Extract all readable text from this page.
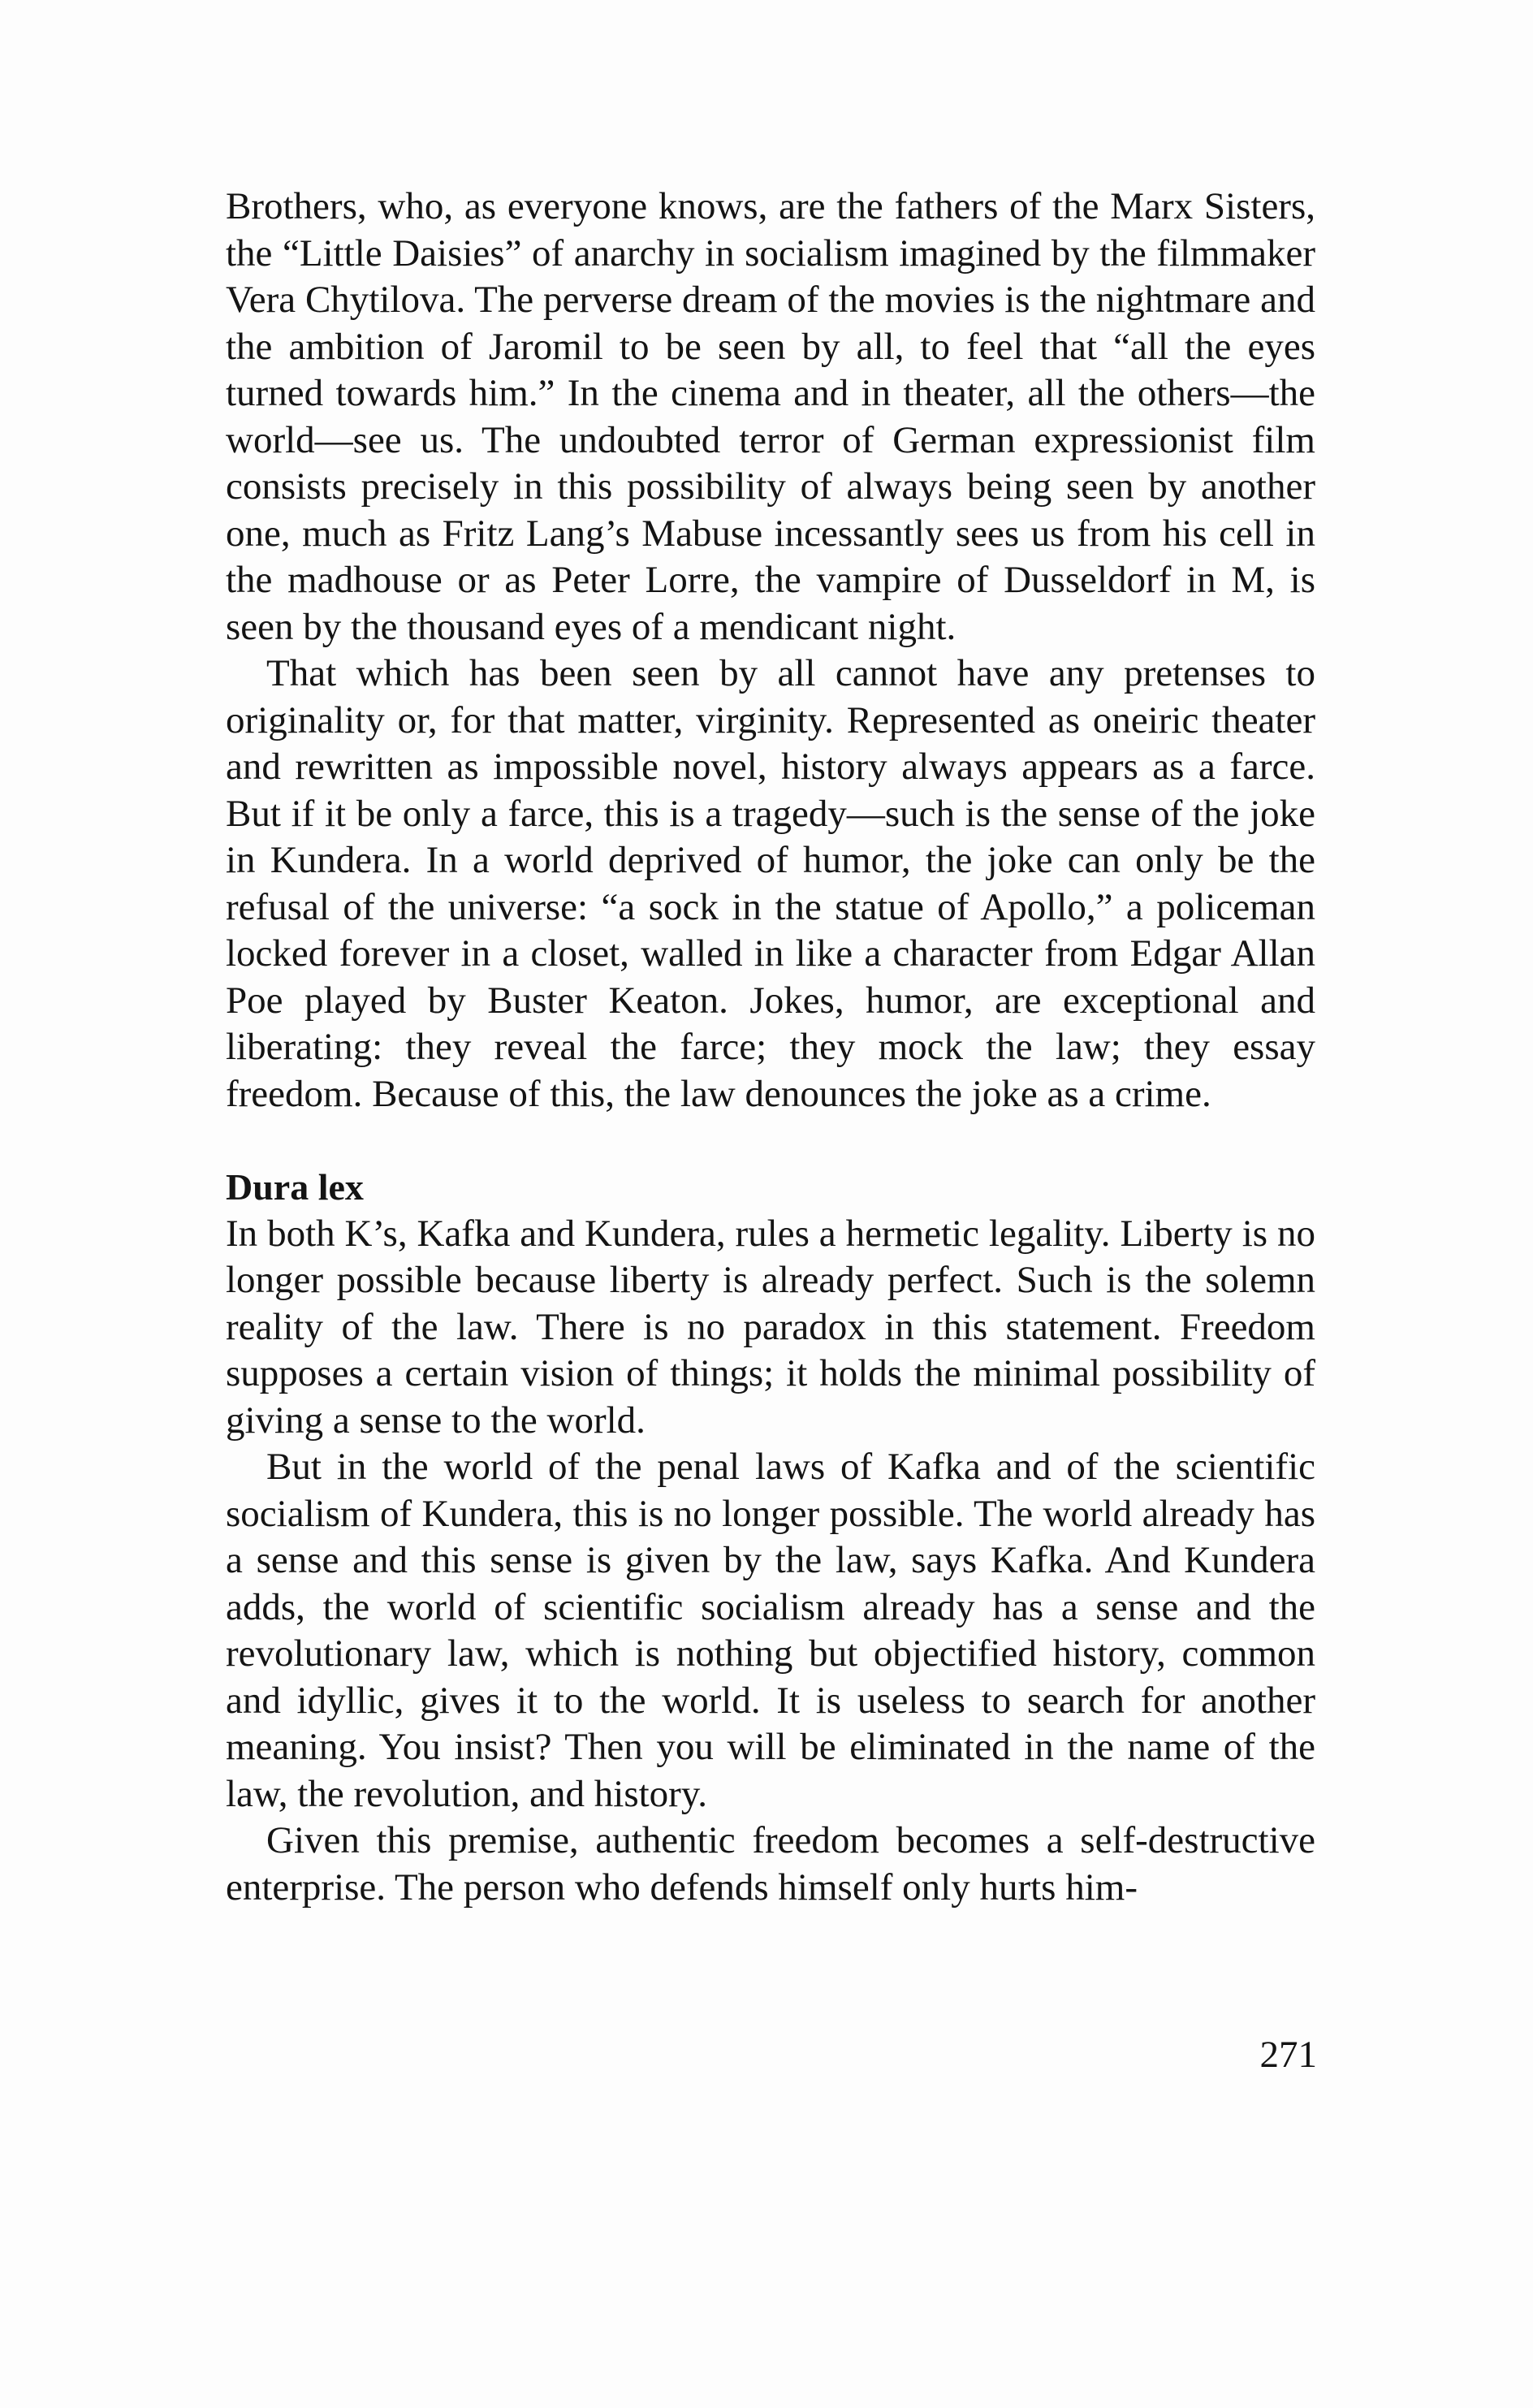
Brothers, who, as everyone knows, are the fathers of the Marx Sisters, the “Little Daisies” of anarchy in socialism imagined by the filmmaker Vera Chytilova. The perverse dream of the movies is the nightmare and the ambition of Jaromil to be seen by all, to feel that “all the eyes turned towards him.” In the cinema and in theater, all the others—the world—see us. The undoubted terror of German expressionist film consists precisely in this possibility of always being seen by another one, much as Fritz Lang’s Mabuse incessantly sees us from his cell in the madhouse or as Peter Lorre, the vampire of Dusseldorf in M, is seen by the thousand eyes of a mendicant night.

That which has been seen by all cannot have any pretenses to originality or, for that matter, virginity. Represented as oneiric theater and rewritten as impossible novel, history always appears as a farce. But if it be only a farce, this is a tragedy—such is the sense of the joke in Kundera. In a world deprived of humor, the joke can only be the refusal of the universe: “a sock in the statue of Apollo,” a policeman locked forever in a closet, walled in like a character from Edgar Allan Poe played by Buster Keaton. Jokes, humor, are exceptional and liberating: they reveal the farce; they mock the law; they essay freedom. Because of this, the law denounces the joke as a crime.

Dura lex

In both K’s, Kafka and Kundera, rules a hermetic legality. Liberty is no longer possible because liberty is already perfect. Such is the solemn reality of the law. There is no paradox in this statement. Freedom supposes a certain vision of things; it holds the minimal possibility of giving a sense to the world.

But in the world of the penal laws of Kafka and of the scientific socialism of Kundera, this is no longer possible. The world already has a sense and this sense is given by the law, says Kafka. And Kundera adds, the world of scientific socialism already has a sense and the revolutionary law, which is nothing but objectified history, common and idyllic, gives it to the world. It is useless to search for another meaning. You insist? Then you will be eliminated in the name of the law, the revolution, and history.

Given this premise, authentic freedom becomes a self-destructive enterprise. The person who defends himself only hurts him-

271
